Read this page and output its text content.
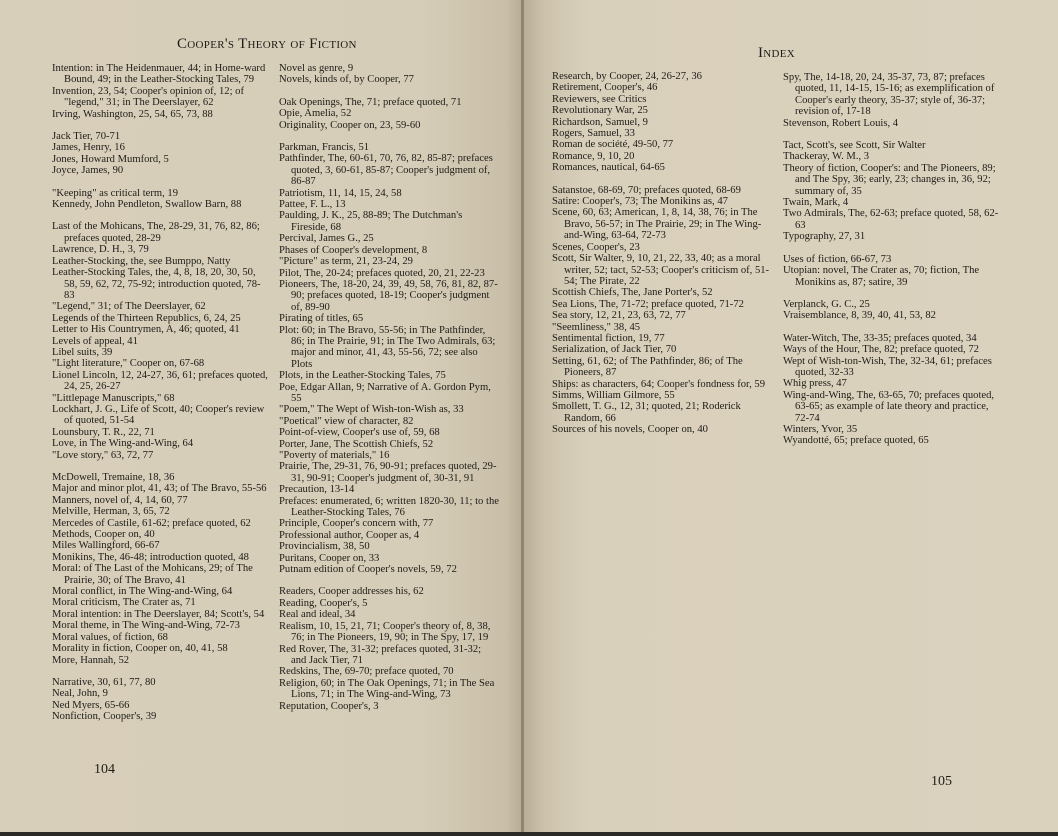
Cooper's Theory of Fiction

Intention: in The Heidenmauer, 44; in Home-ward Bound, 49; in the Leather-Stocking Tales, 79

Invention, 23, 54; Cooper's opinion of, 12; of "legend," 31; in The Deerslayer, 62

Irving, Washington, 25, 54, 65, 73, 88

Jack Tier, 70-71

James, Henry, 16

Jones, Howard Mumford, 5

Joyce, James, 90

"Keeping" as critical term, 19

Kennedy, John Pendleton, Swallow Barn, 88

Last of the Mohicans, The, 28-29, 31, 76, 82, 86; prefaces quoted, 28-29

Lawrence, D. H., 3, 79

Leather-Stocking, the, see Bumppo, Natty

Leather-Stocking Tales, the, 4, 8, 18, 20, 30, 50, 58, 59, 62, 72, 75-92; introduction quoted, 78-83

"Legend," 31; of The Deerslayer, 62

Legends of the Thirteen Republics, 6, 24, 25

Letter to His Countrymen, A, 46; quoted, 41

Levels of appeal, 41

Libel suits, 39

"Light literature," Cooper on, 67-68

Lionel Lincoln, 12, 24-27, 36, 61; prefaces quoted, 24, 25, 26-27

"Littlepage Manuscripts," 68

Lockhart, J. G., Life of Scott, 40; Cooper's review of quoted, 51-54

Lounsbury, T. R., 22, 71

Love, in The Wing-and-Wing, 64

"Love story," 63, 72, 77

McDowell, Tremaine, 18, 36

Major and minor plot, 41, 43; of The Bravo, 55-56

Manners, novel of, 4, 14, 60, 77

Melville, Herman, 3, 65, 72

Mercedes of Castile, 61-62; preface quoted, 62

Methods, Cooper on, 40

Miles Wallingford, 66-67

Monikins, The, 46-48; introduction quoted, 48

Moral: of The Last of the Mohicans, 29; of The Prairie, 30; of The Bravo, 41

Moral conflict, in The Wing-and-Wing, 64

Moral criticism, The Crater as, 71

Moral intention: in The Deerslayer, 84; Scott's, 54

Moral theme, in The Wing-and-Wing, 72-73

Moral values, of fiction, 68

Morality in fiction, Cooper on, 40, 41, 58

More, Hannah, 52

Narrative, 30, 61, 77, 80

Neal, John, 9

Ned Myers, 65-66

Nonfiction, Cooper's, 39

Novel as genre, 9

Novels, kinds of, by Cooper, 77

Oak Openings, The, 71; preface quoted, 71

Opie, Amelia, 52

Originality, Cooper on, 23, 59-60

Parkman, Francis, 51

Pathfinder, The, 60-61, 70, 76, 82, 85-87; prefaces quoted, 3, 60-61, 85-87; Cooper's judgment of, 86-87

Patriotism, 11, 14, 15, 24, 58

Pattee, F. L., 13

Paulding, J. K., 25, 88-89; The Dutchman's Fireside, 68

Percival, James G., 25

Phases of Cooper's development, 8

"Picture" as term, 21, 23-24, 29

Pilot, The, 20-24; prefaces quoted, 20, 21, 22-23

Pioneers, The, 18-20, 24, 39, 49, 58, 76, 81, 82, 87-90; prefaces quoted, 18-19; Cooper's judgment of, 89-90

Pirating of titles, 65

Plot: 60; in The Bravo, 55-56; in The Pathfinder, 86; in The Prairie, 91; in The Two Admirals, 63; major and minor, 41, 43, 55-56, 72; see also Plots

Plots, in the Leather-Stocking Tales, 75

Poe, Edgar Allan, 9; Narrative of A. Gordon Pym, 55

"Poem," The Wept of Wish-ton-Wish as, 33

"Poetical" view of character, 82

Point-of-view, Cooper's use of, 59, 68

Porter, Jane, The Scottish Chiefs, 52

"Poverty of materials," 16

Prairie, The, 29-31, 76, 90-91; prefaces quoted, 29-31, 90-91; Cooper's judgment of, 30-31, 91

Precaution, 13-14

Prefaces: enumerated, 6; written 1820-30, 11; to the Leather-Stocking Tales, 76

Principle, Cooper's concern with, 77

Professional author, Cooper as, 4

Provincialism, 38, 50

Puritans, Cooper on, 33

Putnam edition of Cooper's novels, 59, 72

Readers, Cooper addresses his, 62

Reading, Cooper's, 5

Real and ideal, 34

Realism, 10, 15, 21, 71; Cooper's theory of, 8, 38, 76; in The Pioneers, 19, 90; in The Spy, 17, 19

Red Rover, The, 31-32; prefaces quoted, 31-32; and Jack Tier, 71

Redskins, The, 69-70; preface quoted, 70

Religion, 60; in The Oak Openings, 71; in The Sea Lions, 71; in The Wing-and-Wing, 73

Reputation, Cooper's, 3

104
Index

Research, by Cooper, 24, 26-27, 36

Retirement, Cooper's, 46

Reviewers, see Critics

Revolutionary War, 25

Richardson, Samuel, 9

Rogers, Samuel, 33

Roman de société, 49-50, 77

Romance, 9, 10, 20

Romances, nautical, 64-65

Satanstoe, 68-69, 70; prefaces quoted, 68-69

Satire: Cooper's, 73; The Monikins as, 47

Scene, 60, 63; American, 1, 8, 14, 38, 76; in The Bravo, 56-57; in The Prairie, 29; in The Wing-and-Wing, 63-64, 72-73

Scenes, Cooper's, 23

Scott, Sir Walter, 9, 10, 21, 22, 33, 40; as a moral writer, 52; tact, 52-53; Cooper's criticism of, 51-54; The Pirate, 22

Scottish Chiefs, The, Jane Porter's, 52

Sea Lions, The, 71-72; preface quoted, 71-72

Sea story, 12, 21, 23, 63, 72, 77

"Seemliness," 38, 45

Sentimental fiction, 19, 77

Serialization, of Jack Tier, 70

Setting, 61, 62; of The Pathfinder, 86; of The Pioneers, 87

Ships: as characters, 64; Cooper's fondness for, 59

Simms, William Gilmore, 55

Smollett, T. G., 12, 31; quoted, 21; Roderick Random, 66

Sources of his novels, Cooper on, 40

Spy, The, 14-18, 20, 24, 35-37, 73, 87; prefaces quoted, 11, 14-15, 15-16; as exemplification of Cooper's early theory, 35-37; style of, 36-37; revision of, 17-18

Stevenson, Robert Louis, 4

Tact, Scott's, see Scott, Sir Walter

Thackeray, W. M., 3

Theory of fiction, Cooper's: and The Pioneers, 89; and The Spy, 36; early, 23; changes in, 36, 92; summary of, 35

Twain, Mark, 4

Two Admirals, The, 62-63; preface quoted, 58, 62-63

Typography, 27, 31

Uses of fiction, 66-67, 73

Utopian: novel, The Crater as, 70; fiction, The Monikins as, 87; satire, 39

Verplanck, G. C., 25

Vraisemblance, 8, 39, 40, 41, 53, 82

Water-Witch, The, 33-35; prefaces quoted, 34

Ways of the Hour, The, 82; preface quoted, 72

Wept of Wish-ton-Wish, The, 32-34, 61; prefaces quoted, 32-33

Whig press, 47

Wing-and-Wing, The, 63-65, 70; prefaces quoted, 63-65; as example of late theory and practice, 72-74

Winters, Yvor, 35

Wyandotté, 65; preface quoted, 65

105
